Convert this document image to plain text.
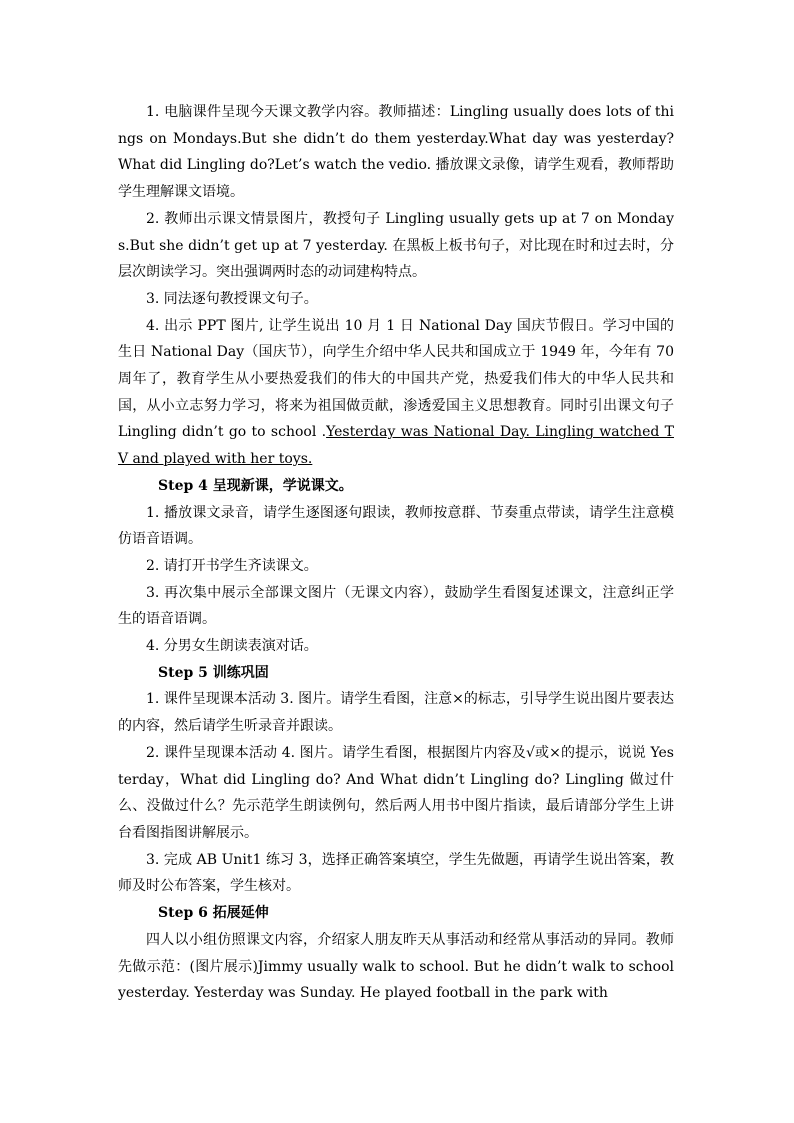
1. 电脑课件呈现今天课文教学内容。教师描述：Lingling usually does lots of things on Mondays.But she didn’t do them yesterday.What day was yesterday? What did Lingling do?Let’s watch the vedio. 播放课文录像，请学生观看，教师帮助学生理解课文语境。

2. 教师出示课文情景图片，教授句子 Lingling usually gets up at 7 on Mondays.But she didn’t get up at 7 yesterday. 在黑板上板书句子，对比现在时和过去时，分层次朗读学习。突出强调两时态的动词建构特点。

3. 同法逐句教授课文句子。

4. 出示 PPT 图片, 让学生说出 10 月 1 日 National Day 国庆节假日。学习中国的生日 National Day（国庆节），向学生介绍中华人民共和国成立于 1949 年，今年有 70 周年了，教育学生从小要热爱我们的伟大的中国共产党，热爱我们伟大的中华人民共和国，从小立志努力学习，将来为祖国做贡献，渗透爱国主义思想教育。同时引出课文句子 Lingling didn’t go to school .Yesterday was National Day. Lingling watched TV and played with her toys.

Step 4 呈现新课，学说课文。

1. 播放课文录音，请学生逐图逐句跟读，教师按意群、节奏重点带读，请学生注意模仿语音语调。

2. 请打开书学生齐读课文。

3. 再次集中展示全部课文图片（无课文内容），鼓励学生看图复述课文，注意纠正学生的语音语调。

4. 分男女生朗读表演对话。

Step 5 训练巩固

1. 课件呈现课本活动 3. 图片。请学生看图，注意×的标志，引导学生说出图片要表达的内容，然后请学生听录音并跟读。

2. 课件呈现课本活动 4. 图片。请学生看图，根据图片内容及√或×的提示，说说 Yesterday，What did Lingling do? And What didn’t Lingling do? Lingling 做过什么、没做过什么？先示范学生朗读例句，然后两人用书中图片指读，最后请部分学生上讲台看图指图讲解展示。

3. 完成 AB Unit1 练习 3，选择正确答案填空，学生先做题，再请学生说出答案，教师及时公布答案，学生核对。

Step 6 拓展延伸

四人以小组仿照课文内容，介绍家人朋友昨天从事活动和经常从事活动的异同。教师先做示范：(图片展示)Jimmy usually walk to school. But he didn’t walk to school yesterday. Yesterday was Sunday. He played football in the park with
